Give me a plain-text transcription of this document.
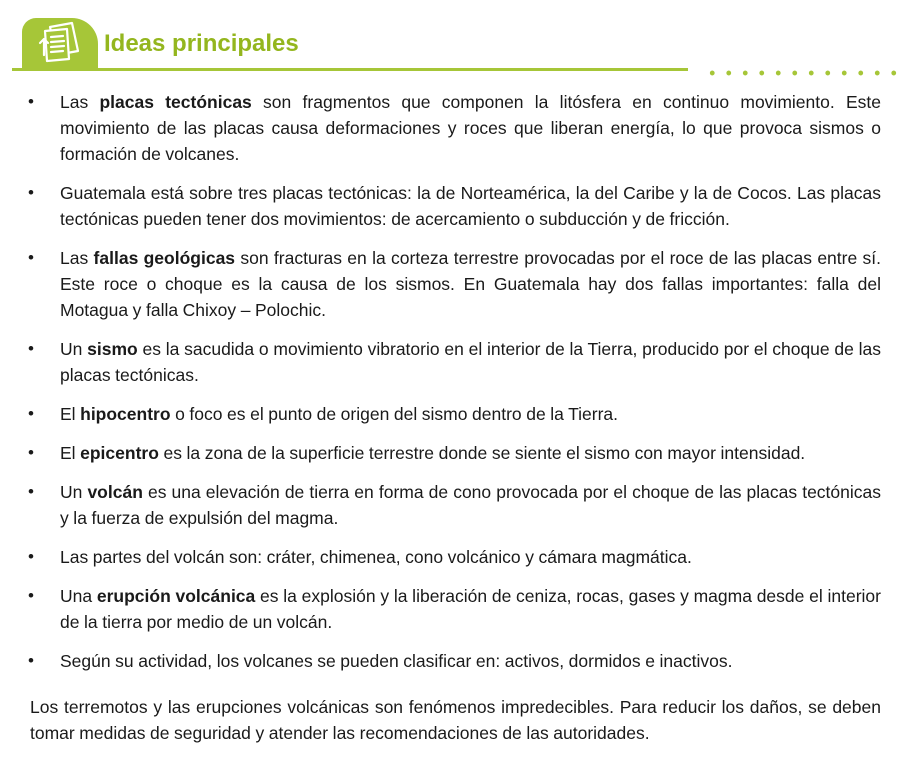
Ideas principales
• Las placas tectónicas son fragmentos que componen la litósfera en continuo movimiento. Este movimiento de las placas causa deformaciones y roces que liberan energía, lo que provoca sismos o formación de volcanes.
• Guatemala está sobre tres placas tectónicas: la de Norteamérica, la del Caribe y la de Cocos. Las placas tectónicas pueden tener dos movimientos: de acercamiento o subducción y de fricción.
• Las fallas geológicas son fracturas en la corteza terrestre provocadas por el roce de las placas entre sí. Este roce o choque es la causa de los sismos. En Guatemala hay dos fallas importantes: falla del Motagua y falla Chixoy – Polochic.
• Un sismo es la sacudida o movimiento vibratorio en el interior de la Tierra, producido por el choque de las placas tectónicas.
• El hipocentro o foco es el punto de origen del sismo dentro de la Tierra.
• El epicentro es la zona de la superficie terrestre donde se siente el sismo con mayor intensidad.
• Un volcán es una elevación de tierra en forma de cono provocada por el choque de las placas tectónicas y la fuerza de expulsión del magma.
• Las partes del volcán son: cráter, chimenea, cono volcánico y cámara magmática.
• Una erupción volcánica es la explosión y la liberación de ceniza, rocas, gases y magma desde el interior de la tierra por medio de un volcán.
• Según su actividad, los volcanes se pueden clasificar en: activos, dormidos e inactivos.

Los terremotos y las erupciones volcánicas son fenómenos impredecibles. Para reducir los daños, se deben tomar medidas de seguridad y atender las recomendaciones de las autoridades.
